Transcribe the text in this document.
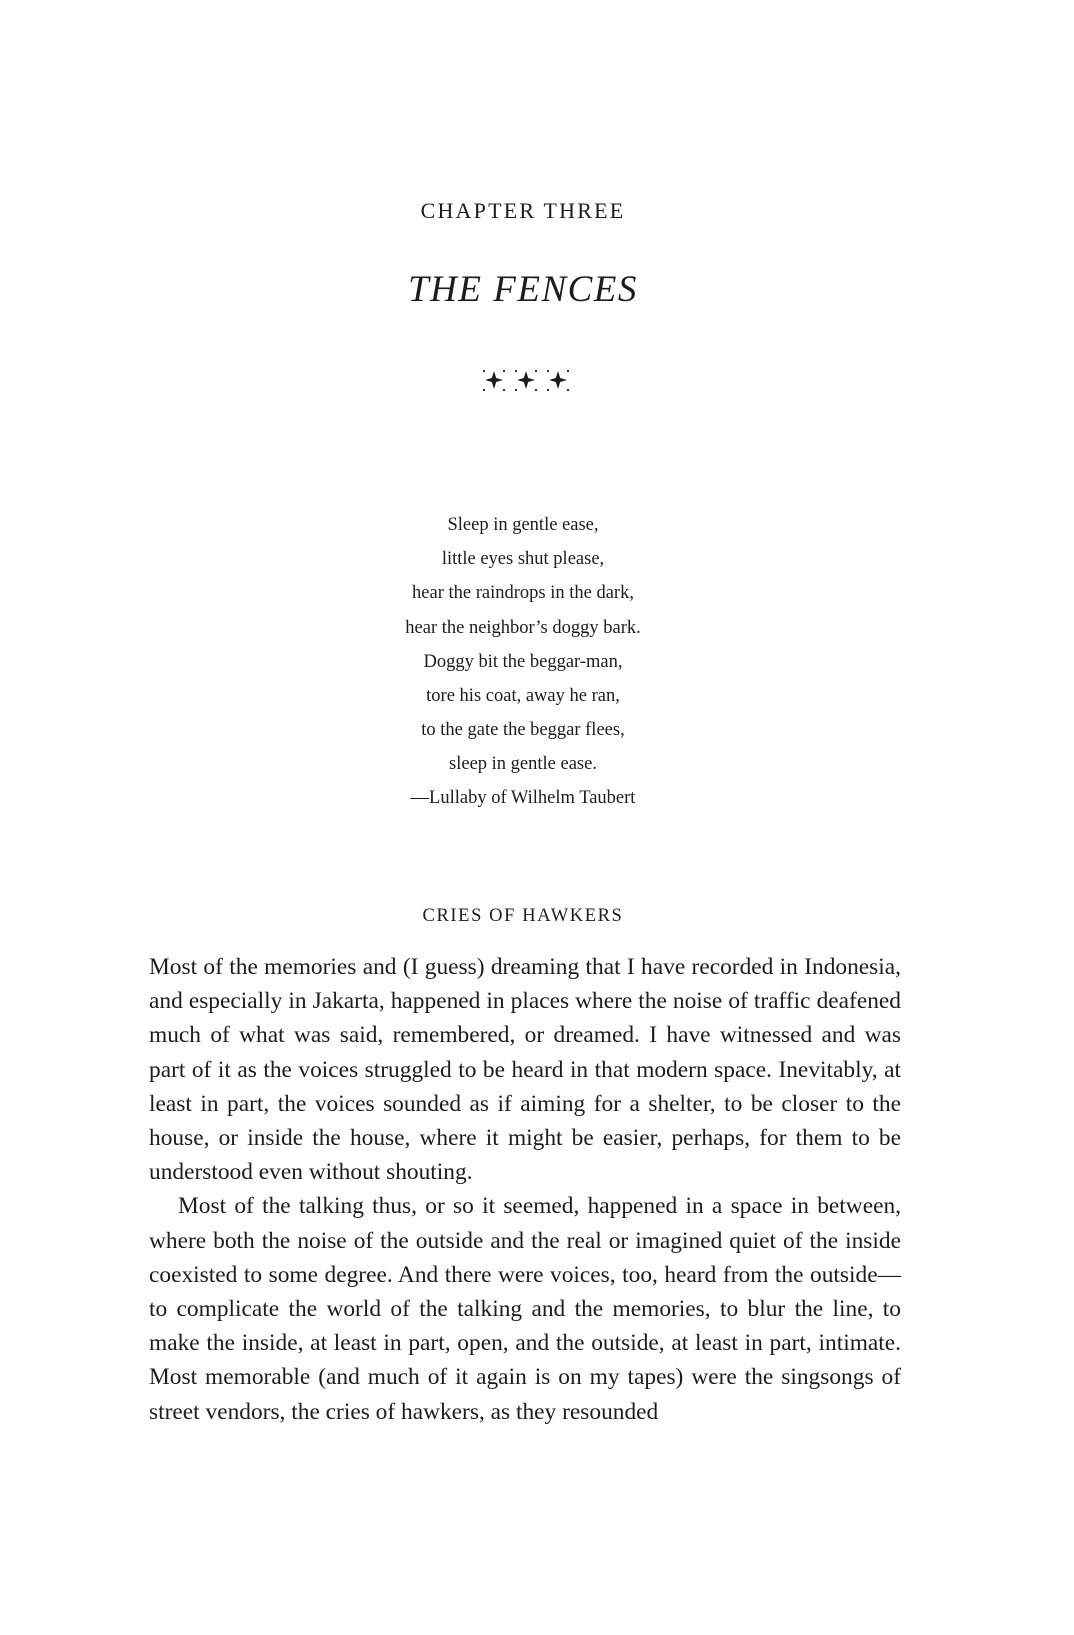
CHAPTER THREE
THE FENCES
Sleep in gentle ease,
little eyes shut please,
hear the raindrops in the dark,
hear the neighbor’s doggy bark.
Doggy bit the beggar-man,
tore his coat, away he ran,
to the gate the beggar flees,
sleep in gentle ease.
—Lullaby of Wilhelm Taubert
CRIES OF HAWKERS

Most of the memories and (I guess) dreaming that I have recorded in Indonesia, and especially in Jakarta, happened in places where the noise of traffic deafened much of what was said, remembered, or dreamed. I have witnessed and was part of it as the voices struggled to be heard in that modern space. Inevitably, at least in part, the voices sounded as if aiming for a shelter, to be closer to the house, or inside the house, where it might be easier, perhaps, for them to be understood even without shouting.

Most of the talking thus, or so it seemed, happened in a space in between, where both the noise of the outside and the real or imagined quiet of the inside coexisted to some degree. And there were voices, too, heard from the outside—to complicate the world of the talking and the memories, to blur the line, to make the inside, at least in part, open, and the outside, at least in part, intimate. Most memorable (and much of it again is on my tapes) were the singsongs of street vendors, the cries of hawkers, as they resounded
